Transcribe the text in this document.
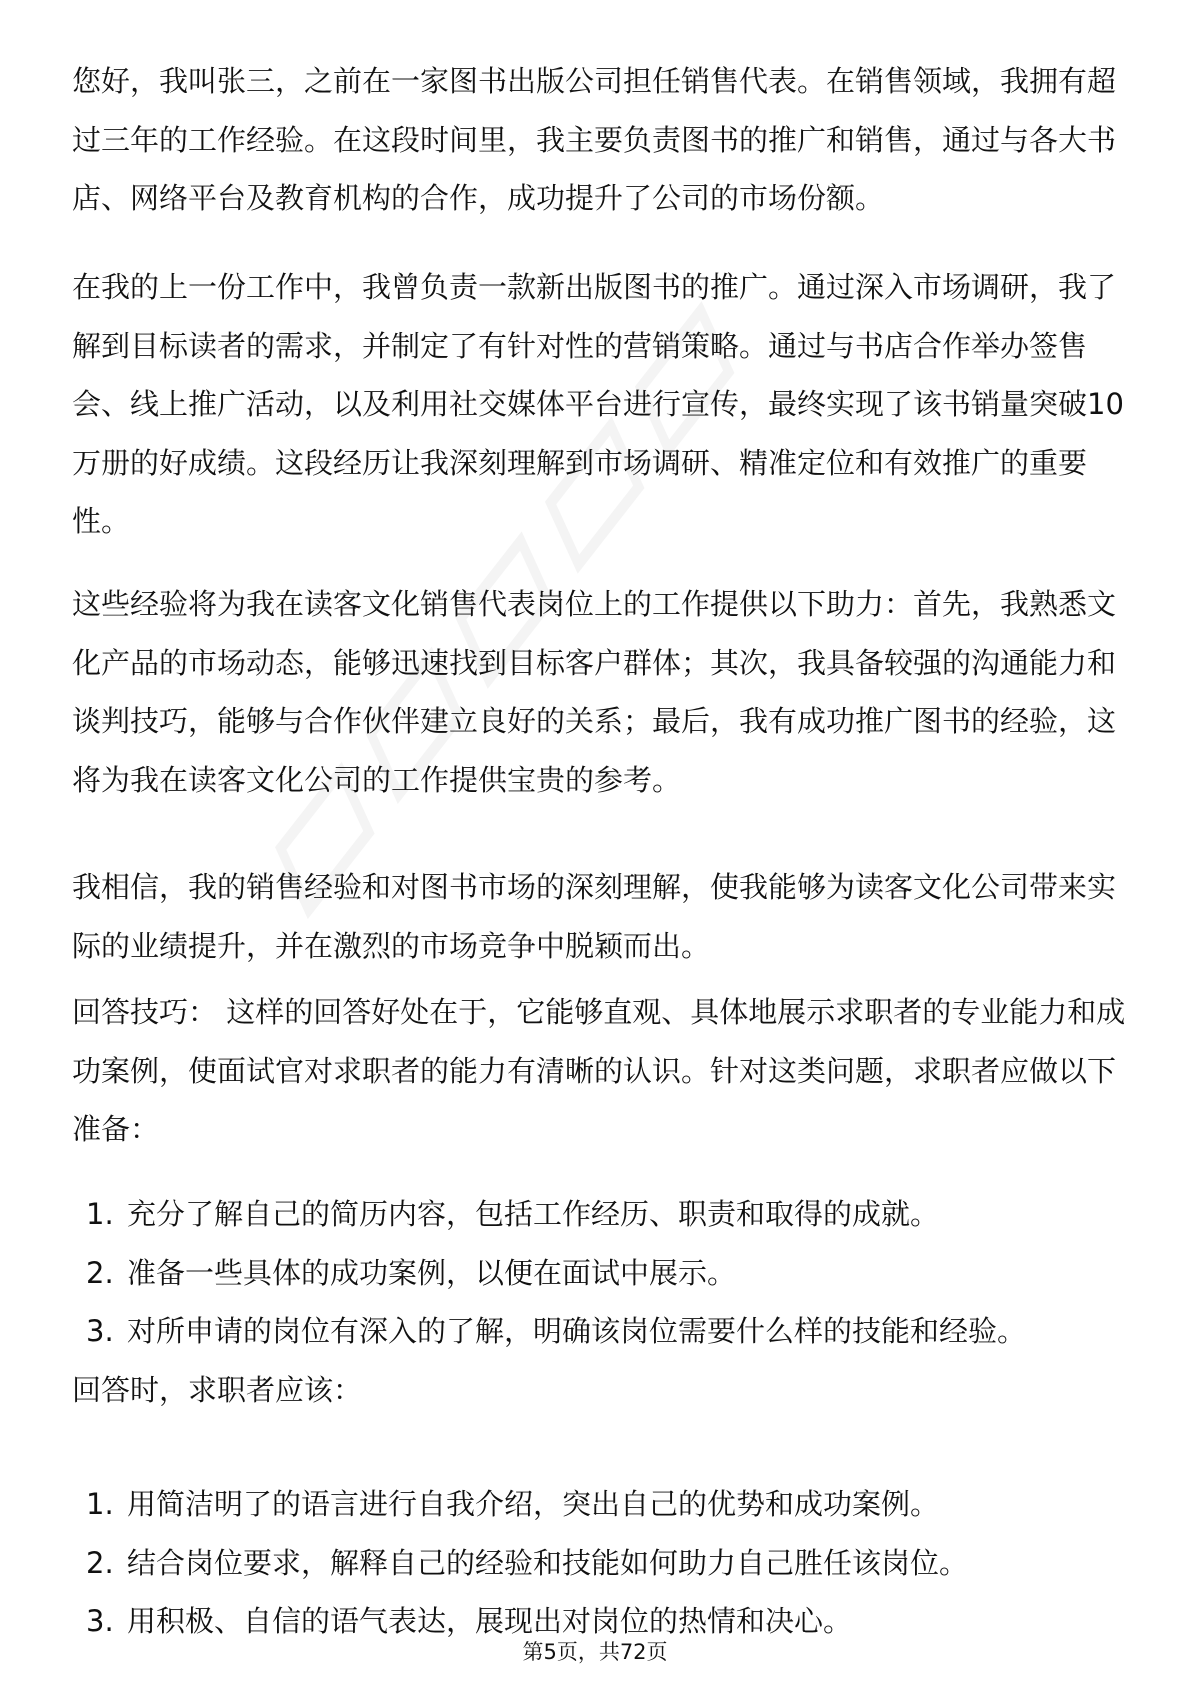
您好，我叫张三，之前在一家图书出版公司担任销售代表。在销售领域，我拥有超
过三年的工作经验。在这段时间里，我主要负责图书的推广和销售，通过与各大书
店、网络平台及教育机构的合作，成功提升了公司的市场份额。
在我的上一份工作中，我曾负责一款新出版图书的推广。通过深入市场调研，我了
解到目标读者的需求，并制定了有针对性的营销策略。通过与书店合作举办签售
会、线上推广活动，以及利用社交媒体平台进行宣传，最终实现了该书销量突破10
万册的好成绩。这段经历让我深刻理解到市场调研、精准定位和有效推广的重要
性。
这些经验将为我在读客文化销售代表岗位上的工作提供以下助力：首先，我熟悉文
化产品的市场动态，能够迅速找到目标客户群体；其次，我具备较强的沟通能力和
谈判技巧，能够与合作伙伴建立良好的关系；最后，我有成功推广图书的经验，这
将为我在读客文化公司的工作提供宝贵的参考。
我相信，我的销售经验和对图书市场的深刻理解，使我能够为读客文化公司带来实
际的业绩提升，并在激烈的市场竞争中脱颖而出。
回答技巧： 这样的回答好处在于，它能够直观、具体地展示求职者的专业能力和成
功案例，使面试官对求职者的能力有清晰的认识。针对这类问题，求职者应做以下
准备：
1. 充分了解自己的简历内容，包括工作经历、职责和取得的成就。
2. 准备一些具体的成功案例，以便在面试中展示。
3. 对所申请的岗位有深入的了解，明确该岗位需要什么样的技能和经验。
回答时，求职者应该：
1. 用简洁明了的语言进行自我介绍，突出自己的优势和成功案例。
2. 结合岗位要求，解释自己的经验和技能如何助力自己胜任该岗位。
3. 用积极、自信的语气表达，展现出对岗位的热情和决心。
第5页，共72页
